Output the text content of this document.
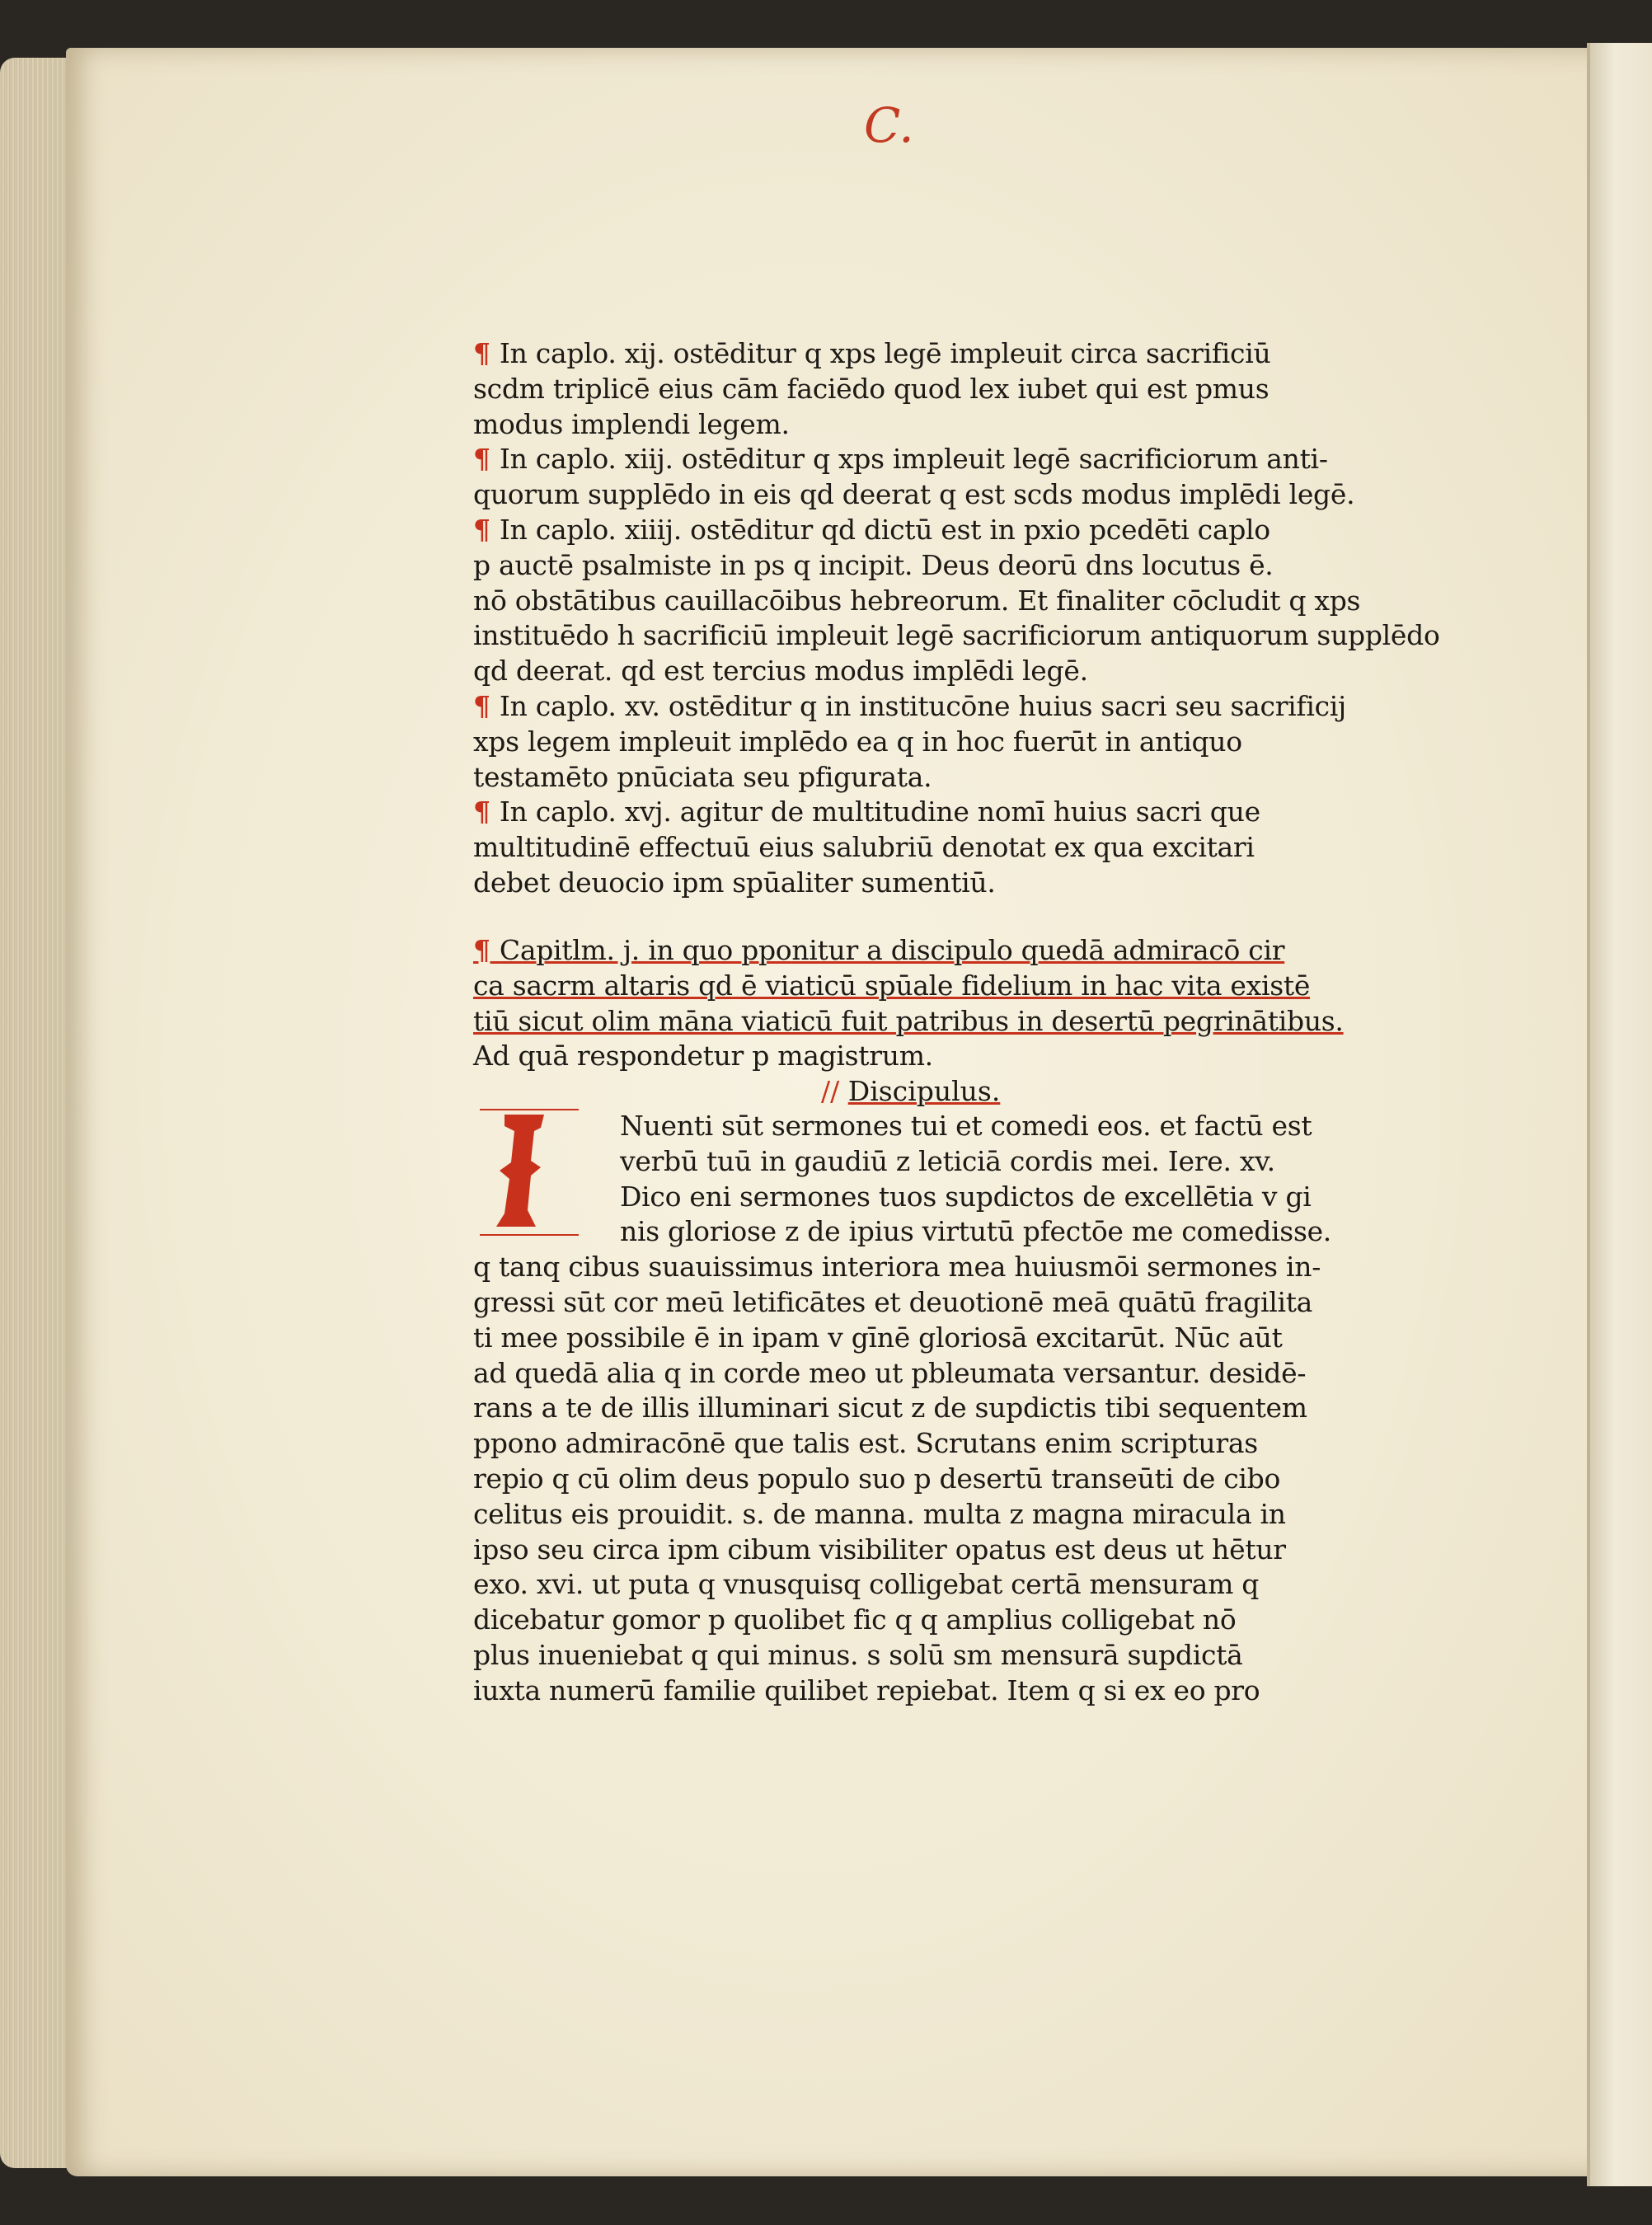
C.
¶ In caplo. xij. ostēditur q xps legē impleuit circa sacrificiū
scdm triplicē eius cām faciēdo quod lex iubet qui est pmus
modus implendi legem.
¶ In caplo. xiij. ostēditur q xps impleuit legē sacrificiorum anti-
quorum supplēdo in eis qd deerat q est scds modus implēdi legē.
¶ In caplo. xiiij. ostēditur qd dictū est in pxio pcedēti caplo
p auctē psalmiste in ps q incipit. Deus deorū dns locutus ē.
nō obstātibus cauillacōibus hebreorum. Et finaliter cōcludit q xps
instituēdo h sacrificiū impleuit legē sacrificiorum antiquorum supplēdo
qd deerat. qd est tercius modus implēdi legē.
¶ In caplo. xv. ostēditur q in institucōne huius sacri seu sacrificij
xps legem impleuit implēdo ea q in hoc fuerūt in antiquo
testamēto pnūciata seu pfigurata.
¶ In caplo. xvj. agitur de multitudine nomī huius sacri que
multitudinē effectuū eius salubriū denotat ex qua excitari
debet deuocio ipm spūaliter sumentiū.
¶ Capitlm. j. in quo pponitur a discipulo quedā admiracō cir
ca sacrm altaris qd ē viaticū spūale fidelium in hac vita existē
tiū sicut olim māna viaticū fuit patribus in desertū pegrinātibus.
Ad quā respondetur p magistrum.
// Discipulus.
Nuenti sūt sermones tui et comedi eos. et factū est
verbū tuū in gaudiū z leticiā cordis mei. Iere. xv.
Dico eni sermones tuos supdictos de excellētia v gi
nis gloriose z de ipius virtutū pfectōe me comedisse.
q tanq cibus suauissimus interiora mea huiusmōi sermones in-
gressi sūt cor meū letificātes et deuotionē meā quātū fragilita
ti mee possibile ē in ipam v gīnē gloriosā excitarūt. Nūc aūt
ad quedā alia q in corde meo ut pbleumata versantur. desidē-
rans a te de illis illuminari sicut z de supdictis tibi sequentem
ppono admiracōnē que talis est. Scrutans enim scripturas
repio q cū olim deus populo suo p desertū transeūti de cibo
celitus eis prouidit. s. de manna. multa z magna miracula in
ipso seu circa ipm cibum visibiliter opatus est deus ut hētur
exo. xvi. ut puta q vnusquisq colligebat certā mensuram q
dicebatur gomor p quolibet fic q q amplius colligebat nō
plus inueniebat q qui minus. s solū sm mensurā supdictā
iuxta numerū familie quilibet repiebat. Item q si ex eo pro
